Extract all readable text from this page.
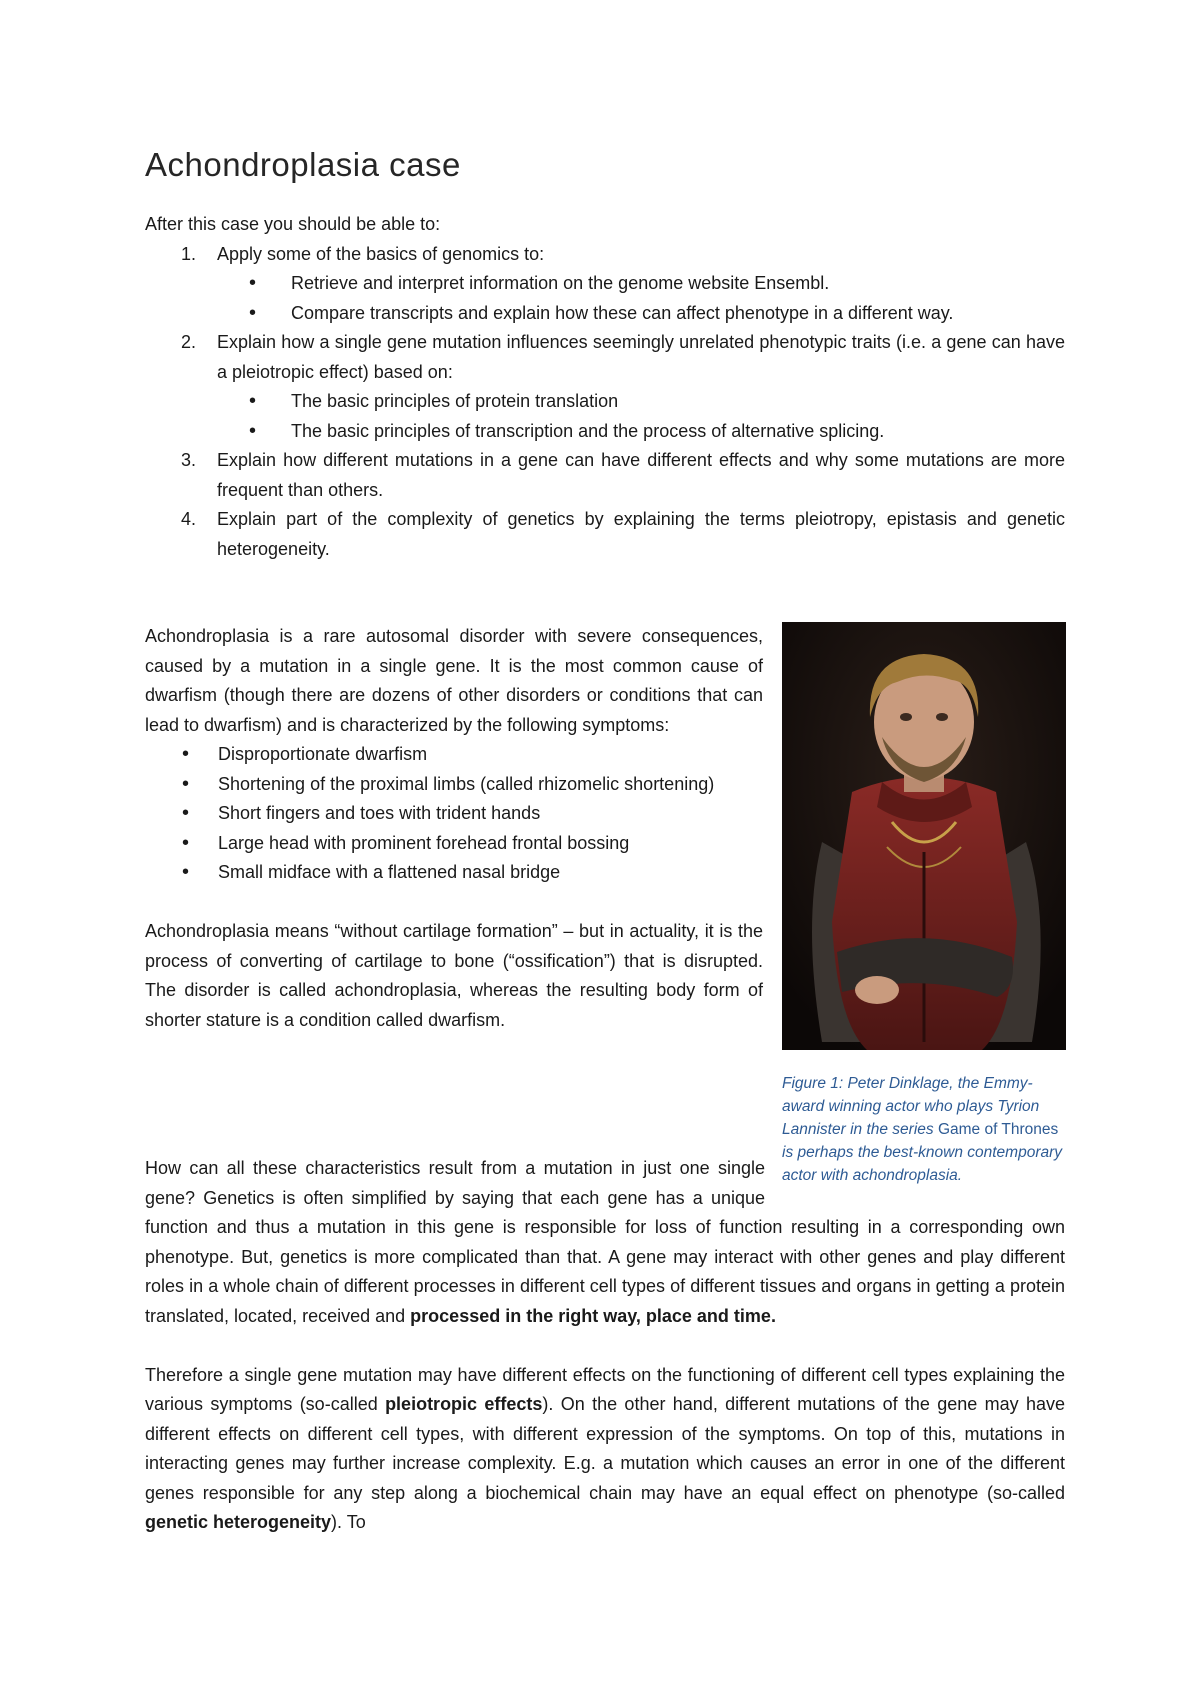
Achondroplasia case
After this case you should be able to:
1.	Apply some of the basics of genomics to:
• Retrieve and interpret information on the genome website Ensembl.
• Compare transcripts and explain how these can affect phenotype in a different way.
2.	Explain how a single gene mutation influences seemingly unrelated phenotypic traits (i.e. a gene can have a pleiotropic effect) based on:
• The basic principles of protein translation
• The basic principles of transcription and the process of alternative splicing.
3.	Explain how different mutations in a gene can have different effects and why some mutations are more frequent than others.
4.	Explain part of the complexity of genetics by explaining the terms pleiotropy, epistasis and genetic heterogeneity.

Achondroplasia is a rare autosomal disorder with severe consequences, caused by a mutation in a single gene. It is the most common cause of dwarfism (though there are dozens of other disorders or conditions that can lead to dwarfism) and is characterized by the following symptoms:

• Disproportionate dwarfism
• Shortening of the proximal limbs (called rhizomelic shortening)
• Short fingers and toes with trident hands
• Large head with prominent forehead frontal bossing
• Small midface with a flattened nasal bridge

Achondroplasia means “without cartilage formation” – but in actuality, it is the process of converting of cartilage to bone (“ossification”) that is disrupted. The disorder is called achondroplasia, whereas the resulting body form of shorter stature is a condition called dwarfism.

Figure 1: Peter Dinklage, the Emmy-award winning actor who plays Tyrion Lannister in the series Game of Thrones is perhaps the best-known contemporary actor with achondroplasia.

How can all these characteristics result from a mutation in just one single gene? Genetics is often simplified by saying that each gene has a unique function and thus a mutation in this gene is responsible for loss of function resulting in a corresponding own phenotype. But, genetics is more complicated than that. A gene may interact with other genes and play different roles in a whole chain of different processes in different cell types of different tissues and organs in getting a protein translated, located, received and processed in the right way, place and time.

Therefore a single gene mutation may have different effects on the functioning of different cell types explaining the various symptoms (so-called pleiotropic effects). On the other hand, different mutations of the gene may have different effects on different cell types, with different expression of the symptoms. On top of this, mutations in interacting genes may further increase complexity. E.g. a mutation which causes an error in one of the different genes responsible for any step along a biochemical chain may have an equal effect on phenotype (so-called genetic heterogeneity). To
